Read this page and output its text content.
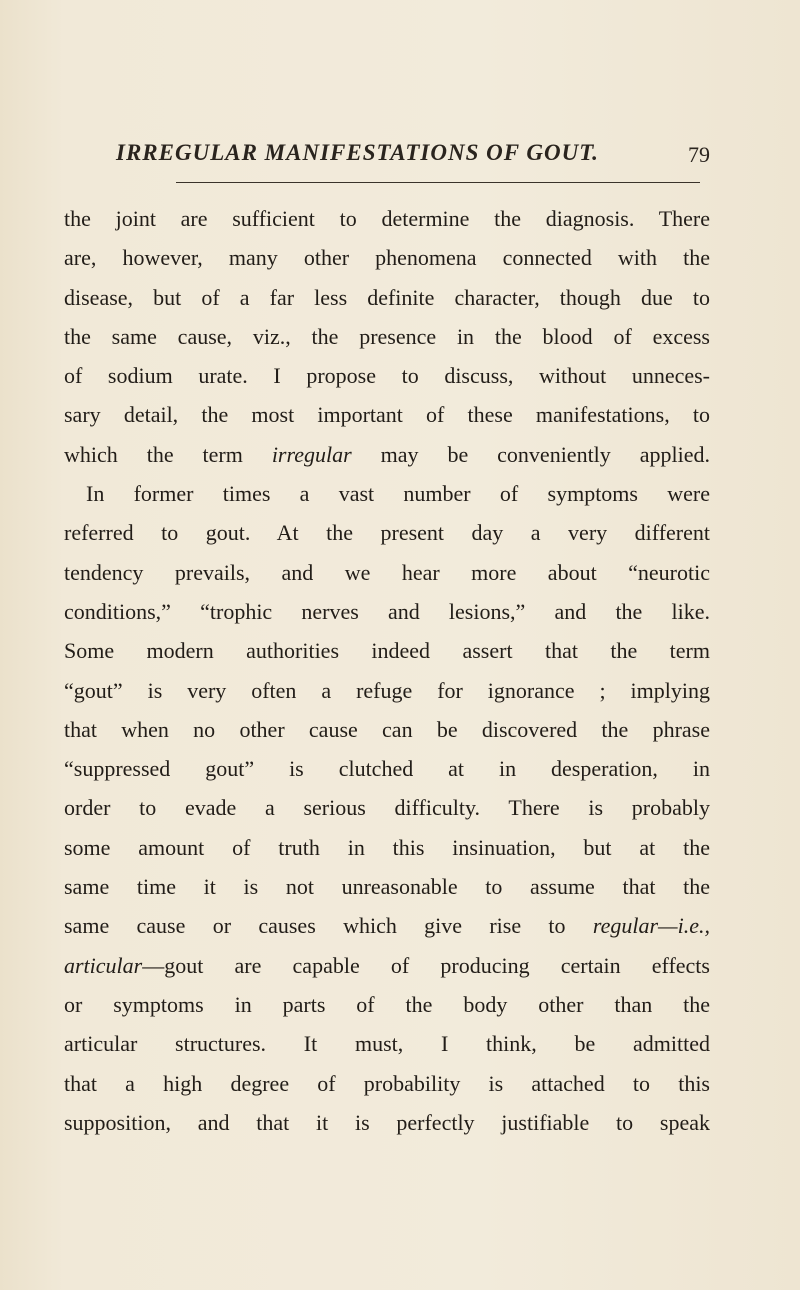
IRREGULAR MANIFESTATIONS OF GOUT.	79
the joint are sufficient to determine the diagnosis. There
are, however, many other phenomena connected with the
disease, but of a far less definite character, though due to
the same cause, viz., the presence in the blood of excess
of sodium urate. I propose to discuss, without unneces-
sary detail, the most important of these manifestations, to
which the term irregular may be conveniently applied.
In former times a vast number of symptoms were
referred to gout. At the present day a very different
tendency prevails, and we hear more about “neurotic
conditions,” “trophic nerves and lesions,” and the like.
Some modern authorities indeed assert that the term
“gout” is very often a refuge for ignorance ; implying
that when no other cause can be discovered the phrase
“suppressed gout” is clutched at in desperation, in
order to evade a serious difficulty. There is probably
some amount of truth in this insinuation, but at the
same time it is not unreasonable to assume that the
same cause or causes which give rise to regular—i.e.,
articular—gout are capable of producing certain effects
or symptoms in parts of the body other than the
articular structures. It must, I think, be admitted
that a high degree of probability is attached to this
supposition, and that it is perfectly justifiable to speak
